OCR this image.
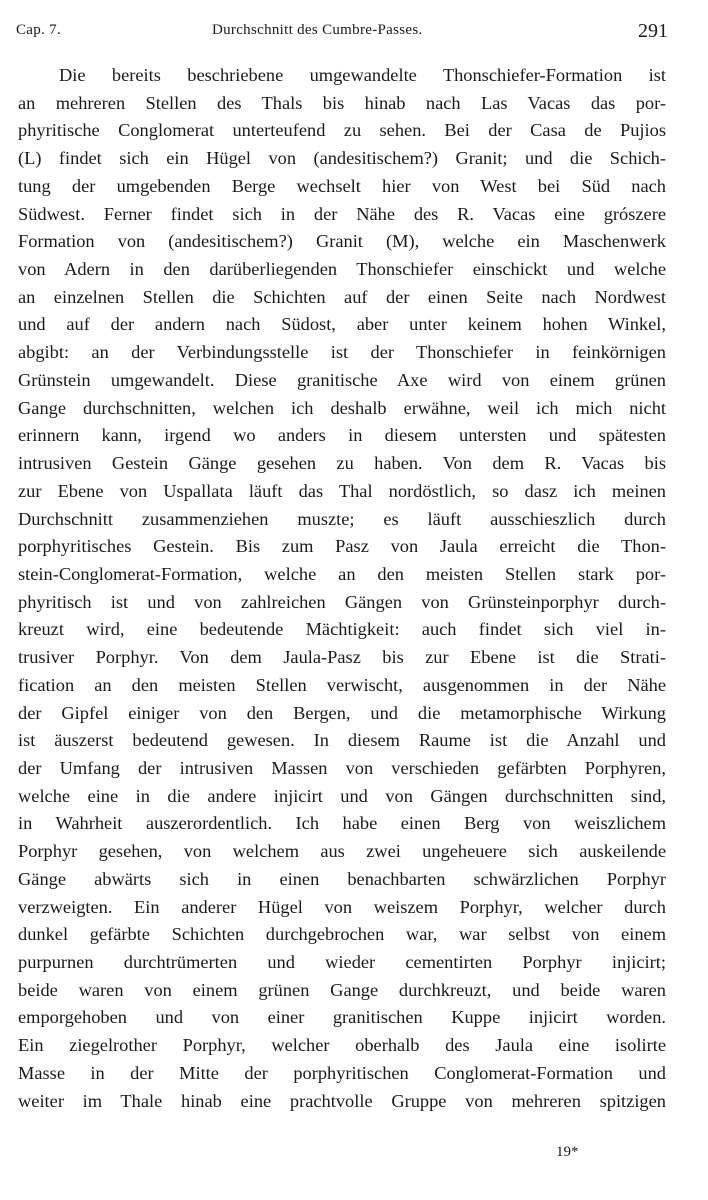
Cap. 7.	Durchschnitt des Cumbre-Passes.	291
Die bereits beschriebene umgewandelte Thonschiefer-Formation ist
an mehreren Stellen des Thals bis hinab nach Las Vacas das por-
phyritische Conglomerat unterteufend zu sehen. Bei der Casa de Pujios
(L) findet sich ein Hügel von (andesitischem?) Granit; und die Schich-
tung der umgebenden Berge wechselt hier von West bei Süd nach
Südwest. Ferner findet sich in der Nähe des R. Vacas eine grószere
Formation von (andesitischem?) Granit (M), welche ein Maschenwerk
von Adern in den darüberliegenden Thonschiefer einschickt und welche
an einzelnen Stellen die Schichten auf der einen Seite nach Nordwest
und auf der andern nach Südost, aber unter keinem hohen Winkel,
abgibt: an der Verbindungsstelle ist der Thonschiefer in feinkörnigen
Grünstein umgewandelt. Diese granitische Axe wird von einem grünen
Gange durchschnitten, welchen ich deshalb erwähne, weil ich mich nicht
erinnern kann, irgend wo anders in diesem untersten und spätesten
intrusiven Gestein Gänge gesehen zu haben. Von dem R. Vacas bis
zur Ebene von Uspallata läuft das Thal nordöstlich, so dasz ich meinen
Durchschnitt zusammenziehen muszte; es läuft ausschieszlich durch
porphyritisches Gestein. Bis zum Pasz von Jaula erreicht die Thon-
stein-Conglomerat-Formation, welche an den meisten Stellen stark por-
phyritisch ist und von zahlreichen Gängen von Grünsteinporphyr durch-
kreuzt wird, eine bedeutende Mächtigkeit: auch findet sich viel in-
trusiver Porphyr. Von dem Jaula-Pasz bis zur Ebene ist die Strati-
fication an den meisten Stellen verwischt, ausgenommen in der Nähe
der Gipfel einiger von den Bergen, und die metamorphische Wirkung
ist äuszerst bedeutend gewesen. In diesem Raume ist die Anzahl und
der Umfang der intrusiven Massen von verschieden gefärbten Porphyren,
welche eine in die andere injicirt und von Gängen durchschnitten sind,
in Wahrheit auszerordentlich. Ich habe einen Berg von weiszlichem
Porphyr gesehen, von welchem aus zwei ungeheuere sich auskeilende
Gänge abwärts sich in einen benachbarten schwärzlichen Porphyr
verzweigten. Ein anderer Hügel von weiszem Porphyr, welcher durch
dunkel gefärbte Schichten durchgebrochen war, war selbst von einem
purpurnen durchtrümerten und wieder cementirten Porphyr injicirt;
beide waren von einem grünen Gange durchkreuzt, und beide waren
emporgehoben und von einer granitischen Kuppe injicirt worden.
Ein ziegelrother Porphyr, welcher oberhalb des Jaula eine isolirte
Masse in der Mitte der porphyritischen Conglomerat-Formation und
weiter im Thale hinab eine prachtvolle Gruppe von mehreren spitzigen
19*
